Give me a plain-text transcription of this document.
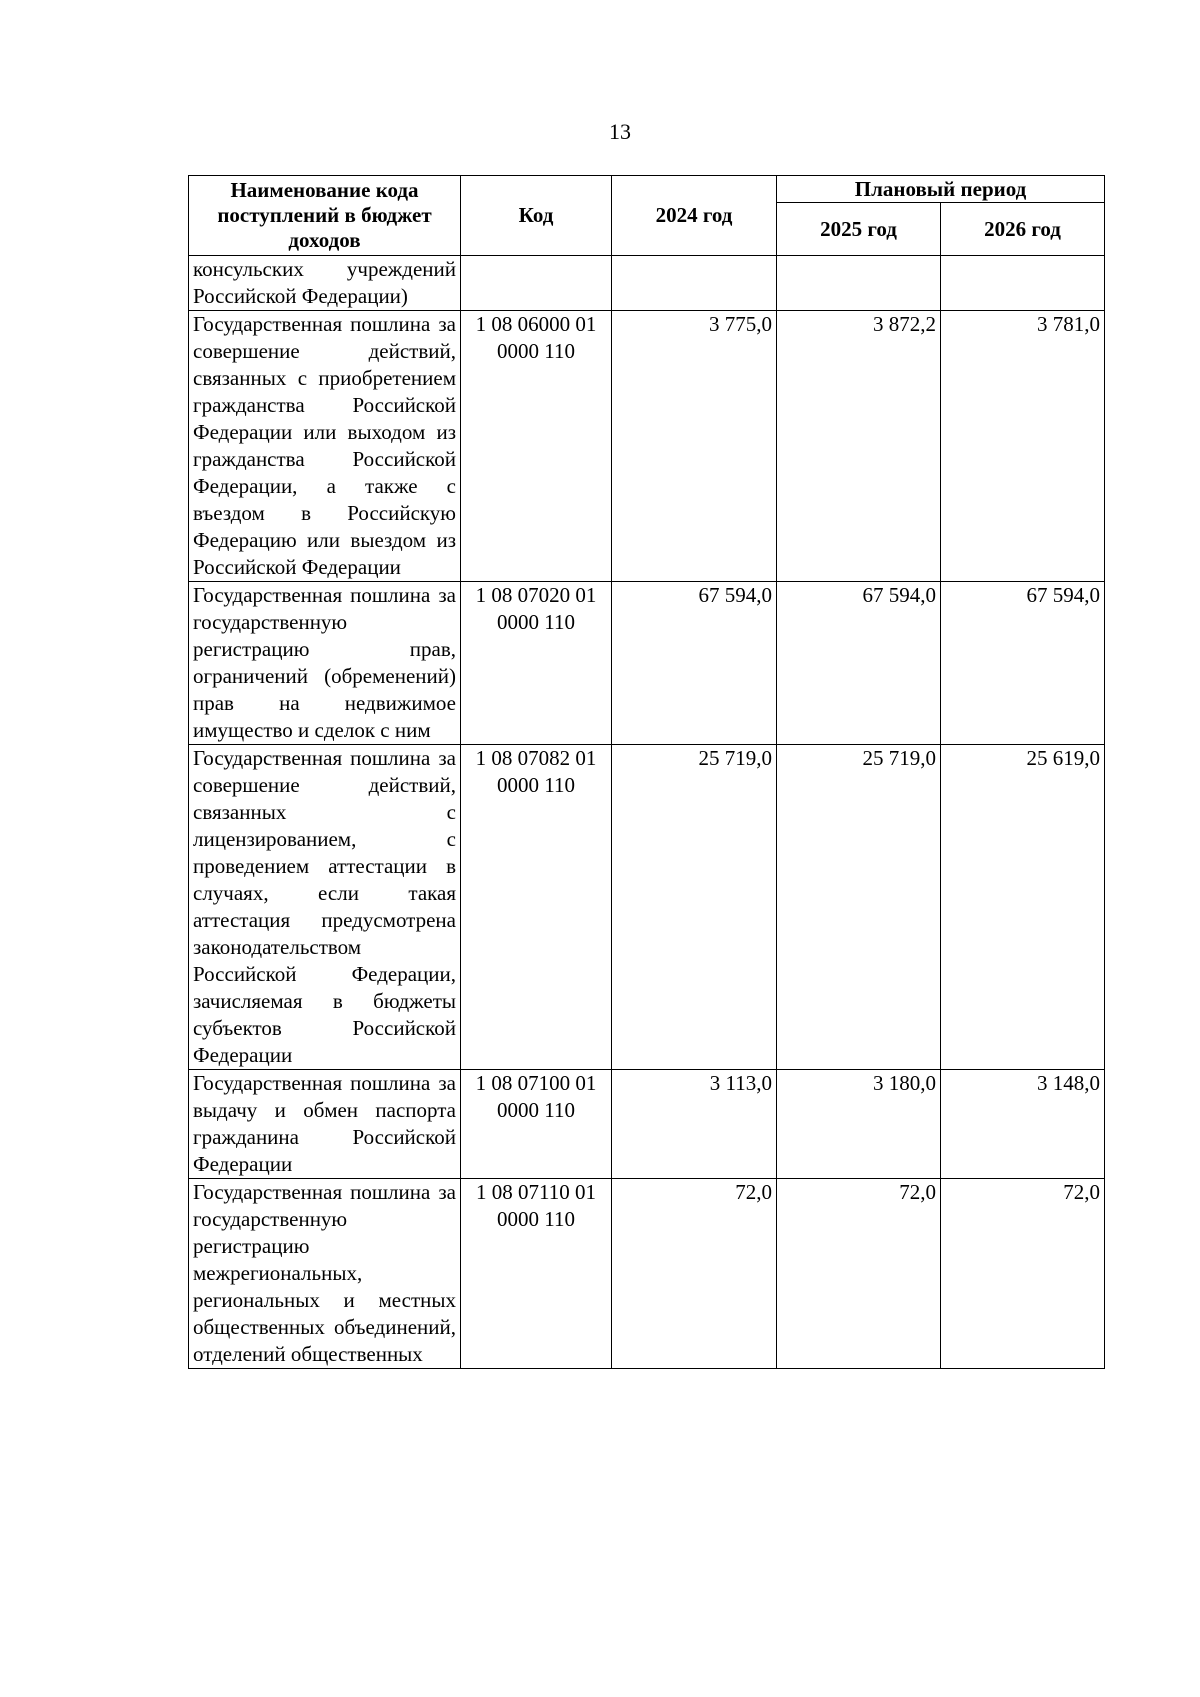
13
Наименование кода поступлений в бюджет доходов	Код	2024 год	Плановый период	
			2025 год	2026 год
консульских учреждений Российской Федерации)				
Государственная пошлина за совершение действий, связанных с приобретением гражданства Российской Федерации или выходом из гражданства Российской Федерации, а также с въездом в Российскую Федерацию или выездом из Российской Федерации	1 08 06000 01 0000 110	3 775,0	3 872,2	3 781,0
Государственная пошлина за государственную регистрацию прав, ограничений (обременений) прав на недвижимое имущество и сделок с ним	1 08 07020 01 0000 110	67 594,0	67 594,0	67 594,0
Государственная пошлина за совершение действий, связанных с лицензированием, с проведением аттестации в случаях, если такая аттестация предусмотрена законодательством Российской Федерации, зачисляемая в бюджеты субъектов Российской Федерации	1 08 07082 01 0000 110	25 719,0	25 719,0	25 619,0
Государственная пошлина за выдачу и обмен паспорта гражданина Российской Федерации	1 08 07100 01 0000 110	3 113,0	3 180,0	3 148,0
Государственная пошлина за государственную регистрацию межрегиональных, региональных и местных общественных объединений, отделений общественных	1 08 07110 01 0000 110	72,0	72,0	72,0
